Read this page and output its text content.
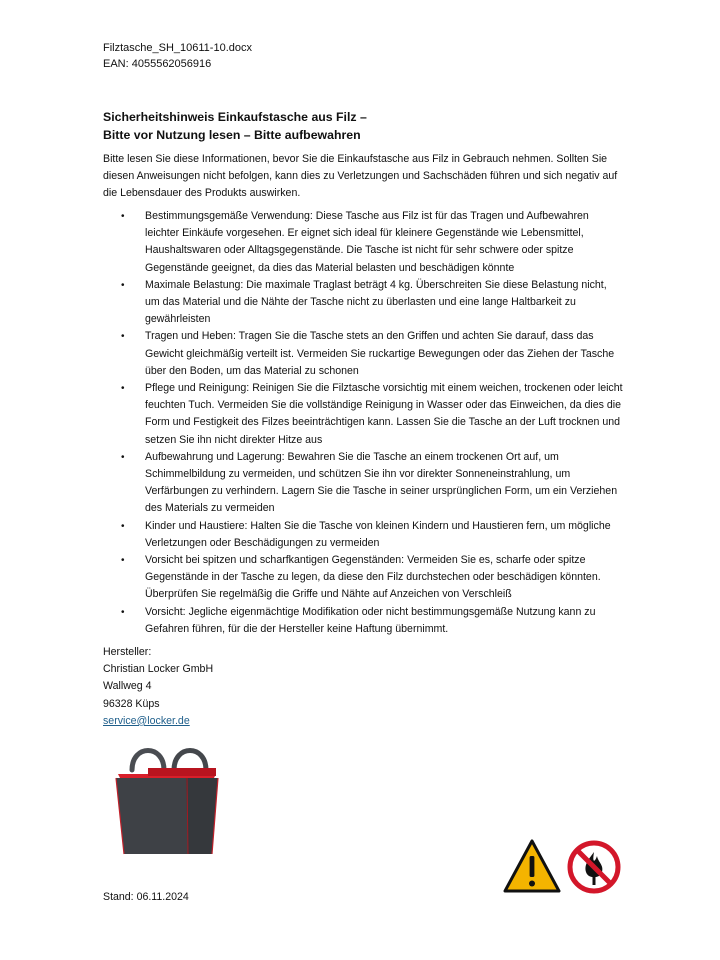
Filztasche_SH_10611-10.docx
EAN: 4055562056916
Sicherheitshinweis Einkaufstasche aus Filz –
Bitte vor Nutzung lesen – Bitte aufbewahren
Bitte lesen Sie diese Informationen, bevor Sie die Einkaufstasche aus Filz in Gebrauch nehmen. Sollten Sie diesen Anweisungen nicht befolgen, kann dies zu Verletzungen und Sachschäden führen und sich negativ auf die Lebensdauer des Produkts auswirken.
• Bestimmungsgemäße Verwendung: Diese Tasche aus Filz ist für das Tragen und Aufbewahren leichter Einkäufe vorgesehen. Er eignet sich ideal für kleinere Gegenstände wie Lebensmittel, Haushaltswaren oder Alltagsgegenstände. Die Tasche ist nicht für sehr schwere oder spitze Gegenstände geeignet, da dies das Material belasten und beschädigen könnte
• Maximale Belastung: Die maximale Traglast beträgt 4 kg. Überschreiten Sie diese Belastung nicht, um das Material und die Nähte der Tasche nicht zu überlasten und eine lange Haltbarkeit zu gewährleisten
• Tragen und Heben: Tragen Sie die Tasche stets an den Griffen und achten Sie darauf, dass das Gewicht gleichmäßig verteilt ist. Vermeiden Sie ruckartige Bewegungen oder das Ziehen der Tasche über den Boden, um das Material zu schonen
• Pflege und Reinigung: Reinigen Sie die Filztasche vorsichtig mit einem weichen, trockenen oder leicht feuchten Tuch. Vermeiden Sie die vollständige Reinigung in Wasser oder das Einweichen, da dies die Form und Festigkeit des Filzes beeinträchtigen kann. Lassen Sie die Tasche an der Luft trocknen und setzen Sie ihn nicht direkter Hitze aus
• Aufbewahrung und Lagerung: Bewahren Sie die Tasche an einem trockenen Ort auf, um Schimmelbildung zu vermeiden, und schützen Sie ihn vor direkter Sonneneinstrahlung, um Verfärbungen zu verhindern. Lagern Sie die Tasche in seiner ursprünglichen Form, um ein Verziehen des Materials zu vermeiden
• Kinder und Haustiere: Halten Sie die Tasche von kleinen Kindern und Haustieren fern, um mögliche Verletzungen oder Beschädigungen zu vermeiden
• Vorsicht bei spitzen und scharfkantigen Gegenständen: Vermeiden Sie es, scharfe oder spitze Gegenstände in der Tasche zu legen, da diese den Filz durchstechen oder beschädigen könnten. Überprüfen Sie regelmäßig die Griffe und Nähte auf Anzeichen von Verschleiß
• Vorsicht: Jegliche eigenmächtige Modifikation oder nicht bestimmungsgemäße Nutzung kann zu Gefahren führen, für die der Hersteller keine Haftung übernimmt.
Hersteller:
Christian Locker GmbH
Wallweg 4
96328 Küps
service@locker.de
Stand: 06.11.2024
